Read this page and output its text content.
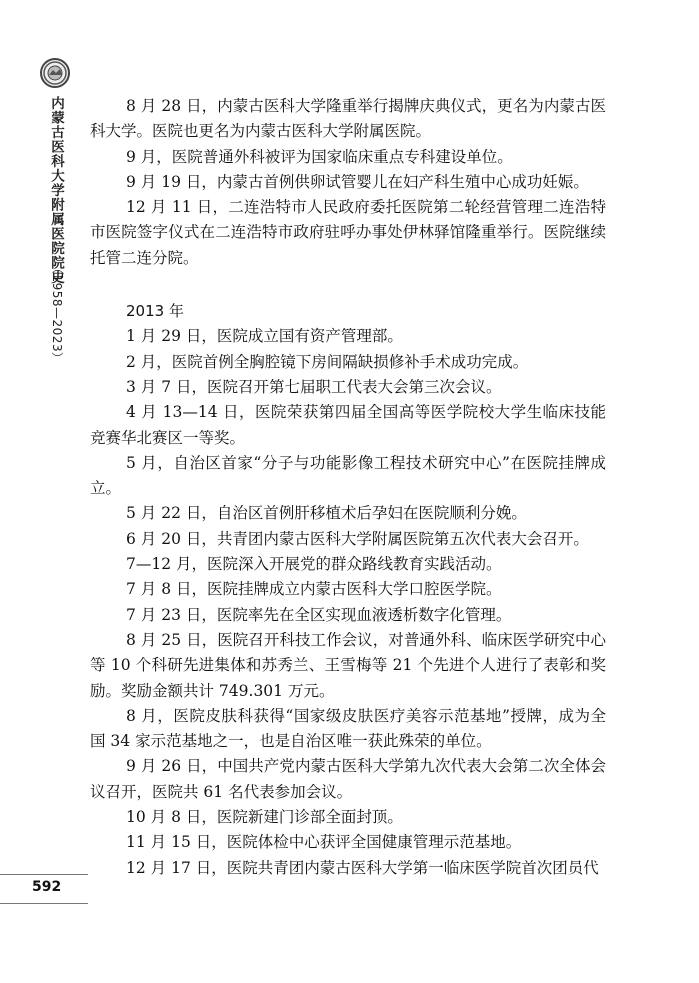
内蒙古医科大学附属医院院史
（1958—2023）
592

8 月 28 日，内蒙古医科大学隆重举行揭牌庆典仪式，更名为内蒙古医科大学。医院也更名为内蒙古医科大学附属医院。

9 月，医院普通外科被评为国家临床重点专科建设单位。

9 月 19 日，内蒙古首例供卵试管婴儿在妇产科生殖中心成功妊娠。

12 月 11 日，二连浩特市人民政府委托医院第二轮经营管理二连浩特市医院签字仪式在二连浩特市政府驻呼办事处伊林驿馆隆重举行。医院继续托管二连分院。

2013 年

1 月 29 日，医院成立国有资产管理部。

2 月，医院首例全胸腔镜下房间隔缺损修补手术成功完成。

3 月 7 日，医院召开第七届职工代表大会第三次会议。

4 月 13—14 日，医院荣获第四届全国高等医学院校大学生临床技能竞赛华北赛区一等奖。

5 月，自治区首家“分子与功能影像工程技术研究中心”在医院挂牌成立。

5 月 22 日，自治区首例肝移植术后孕妇在医院顺利分娩。

6 月 20 日，共青团内蒙古医科大学附属医院第五次代表大会召开。

7—12 月，医院深入开展党的群众路线教育实践活动。

7 月 8 日，医院挂牌成立内蒙古医科大学口腔医学院。

7 月 23 日，医院率先在全区实现血液透析数字化管理。

8 月 25 日，医院召开科技工作会议，对普通外科、临床医学研究中心等 10 个科研先进集体和苏秀兰、王雪梅等 21 个先进个人进行了表彰和奖励。奖励金额共计 749.301 万元。

8 月，医院皮肤科获得“国家级皮肤医疗美容示范基地”授牌，成为全国 34 家示范基地之一，也是自治区唯一获此殊荣的单位。

9 月 26 日，中国共产党内蒙古医科大学第九次代表大会第二次全体会议召开，医院共 61 名代表参加会议。

10 月 8 日，医院新建门诊部全面封顶。

11 月 15 日，医院体检中心获评全国健康管理示范基地。

12 月 17 日，医院共青团内蒙古医科大学第一临床医学院首次团员代
